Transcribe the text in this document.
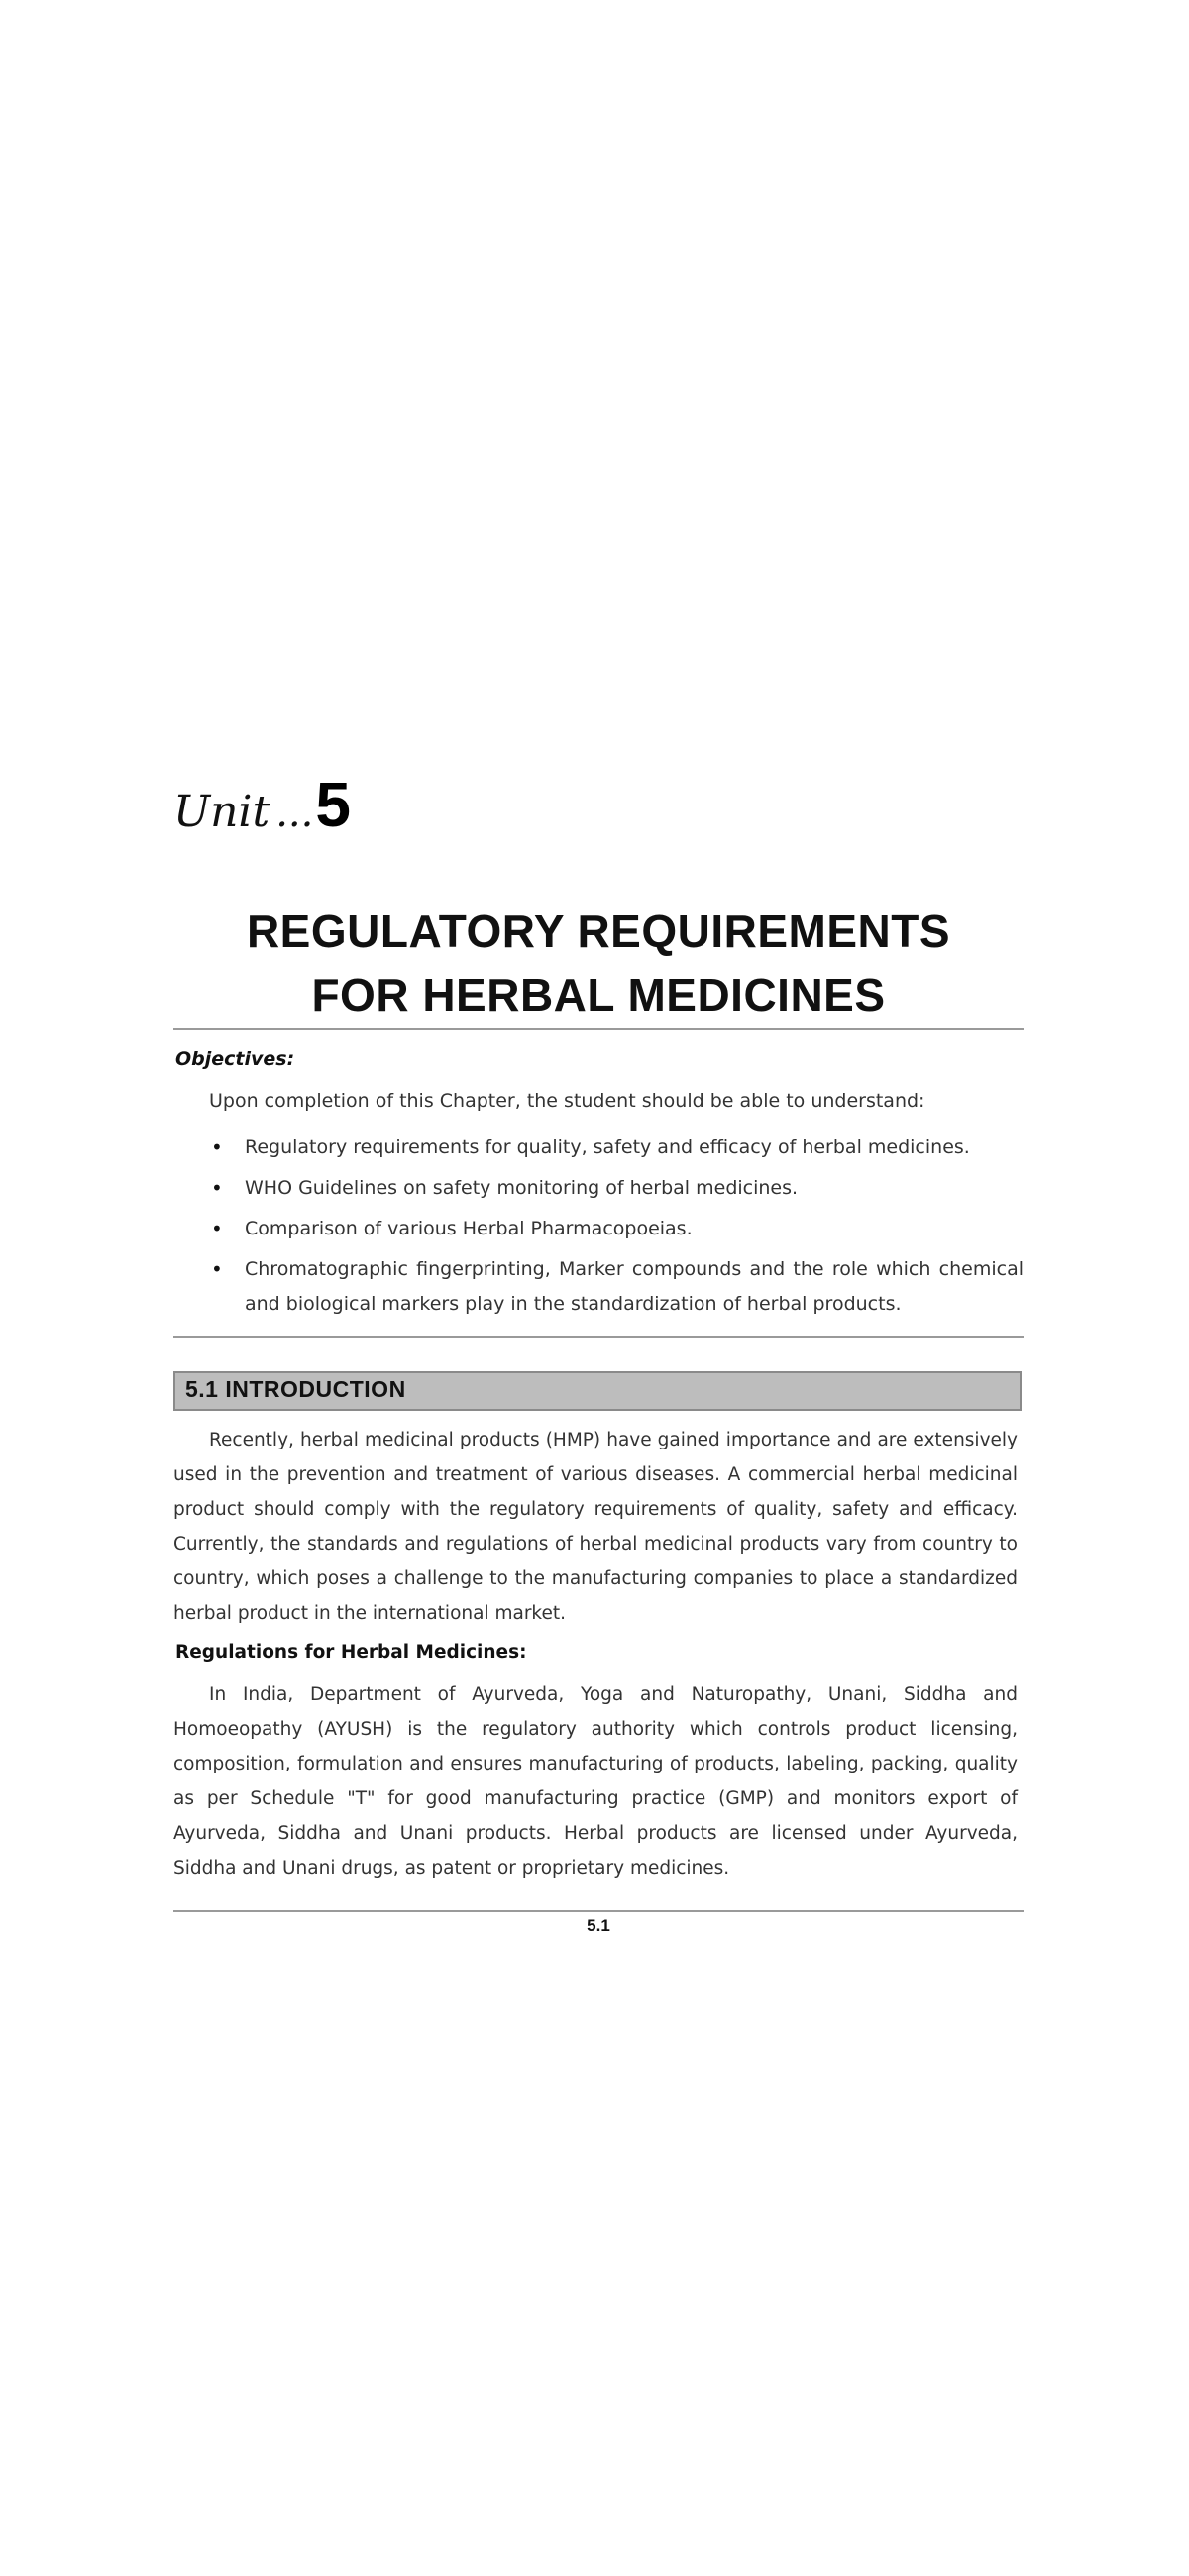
Unit ...5
REGULATORY REQUIREMENTS
FOR HERBAL MEDICINES
Objectives:
Upon completion of this Chapter, the student should be able to understand:
• Regulatory requirements for quality, safety and efficacy of herbal medicines.
• WHO Guidelines on safety monitoring of herbal medicines.
• Comparison of various Herbal Pharmacopoeias.
• Chromatographic fingerprinting, Marker compounds and the role which chemical and biological markers play in the standardization of herbal products.
5.1 INTRODUCTION

Recently, herbal medicinal products (HMP) have gained importance and are extensively used in the prevention and treatment of various diseases. A commercial herbal medicinal product should comply with the regulatory requirements of quality, safety and efficacy. Currently, the standards and regulations of herbal medicinal products vary from country to country, which poses a challenge to the manufacturing companies to place a standardized herbal product in the international market.

Regulations for Herbal Medicines:

In India, Department of Ayurveda, Yoga and Naturopathy, Unani, Siddha and Homoeopathy (AYUSH) is the regulatory authority which controls product licensing, composition, formulation and ensures manufacturing of products, labeling, packing, quality as per Schedule "T" for good manufacturing practice (GMP) and monitors export of Ayurveda, Siddha and Unani products. Herbal products are licensed under Ayurveda, Siddha and Unani drugs, as patent or proprietary medicines.

5.1
